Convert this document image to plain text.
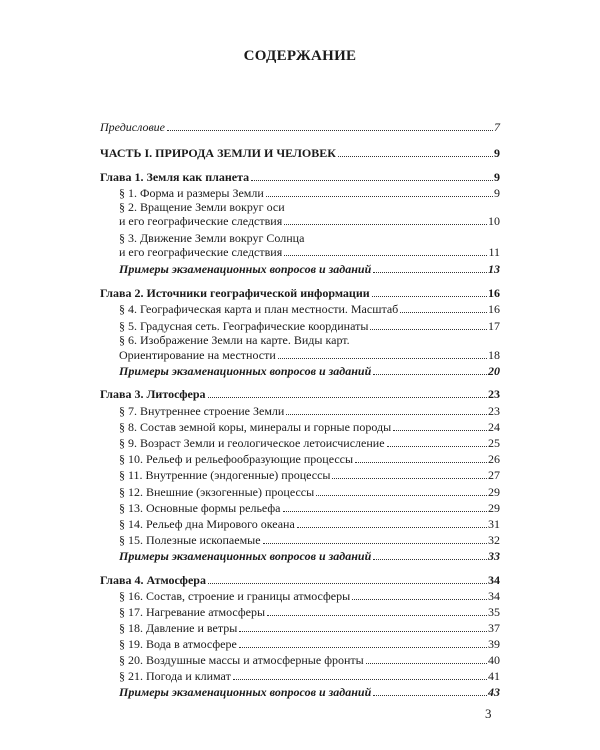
СОДЕРЖАНИЕ
Предисловие	7
ЧАСТЬ I. ПРИРОДА ЗЕМЛИ И ЧЕЛОВЕК	9
Глава 1. Земля как планета	9
§ 1. Форма и размеры Земли	9
§ 2. Вращение Земли вокруг оси
и его географические следствия	10
§ 3. Движение Земли вокруг Солнца
и его географические следствия	11
Примеры экзаменационных вопросов и заданий	13
Глава 2. Источники географической информации	16
§ 4. Географическая карта и план местности. Масштаб	16
§ 5. Градусная сеть. Географические координаты	17
§ 6. Изображение Земли на карте. Виды карт.
Ориентирование на местности	18
Примеры экзаменационных вопросов и заданий	20
Глава 3. Литосфера	23
§ 7. Внутреннее строение Земли	23
§ 8. Состав земной коры, минералы и горные породы	24
§ 9. Возраст Земли и геологическое летоисчисление	25
§ 10. Рельеф и рельефообразующие процессы	26
§ 11. Внутренние (эндогенные) процессы	27
§ 12. Внешние (экзогенные) процессы	29
§ 13. Основные формы рельефа	29
§ 14. Рельеф дна Мирового океана	31
§ 15. Полезные ископаемые	32
Примеры экзаменационных вопросов и заданий	33
Глава 4. Атмосфера	34
§ 16. Состав, строение и границы атмосферы	34
§ 17. Нагревание атмосферы	35
§ 18. Давление и ветры	37
§ 19. Вода в атмосфере	39
§ 20. Воздушные массы и атмосферные фронты	40
§ 21. Погода и климат	41
Примеры экзаменационных вопросов и заданий	43
3
